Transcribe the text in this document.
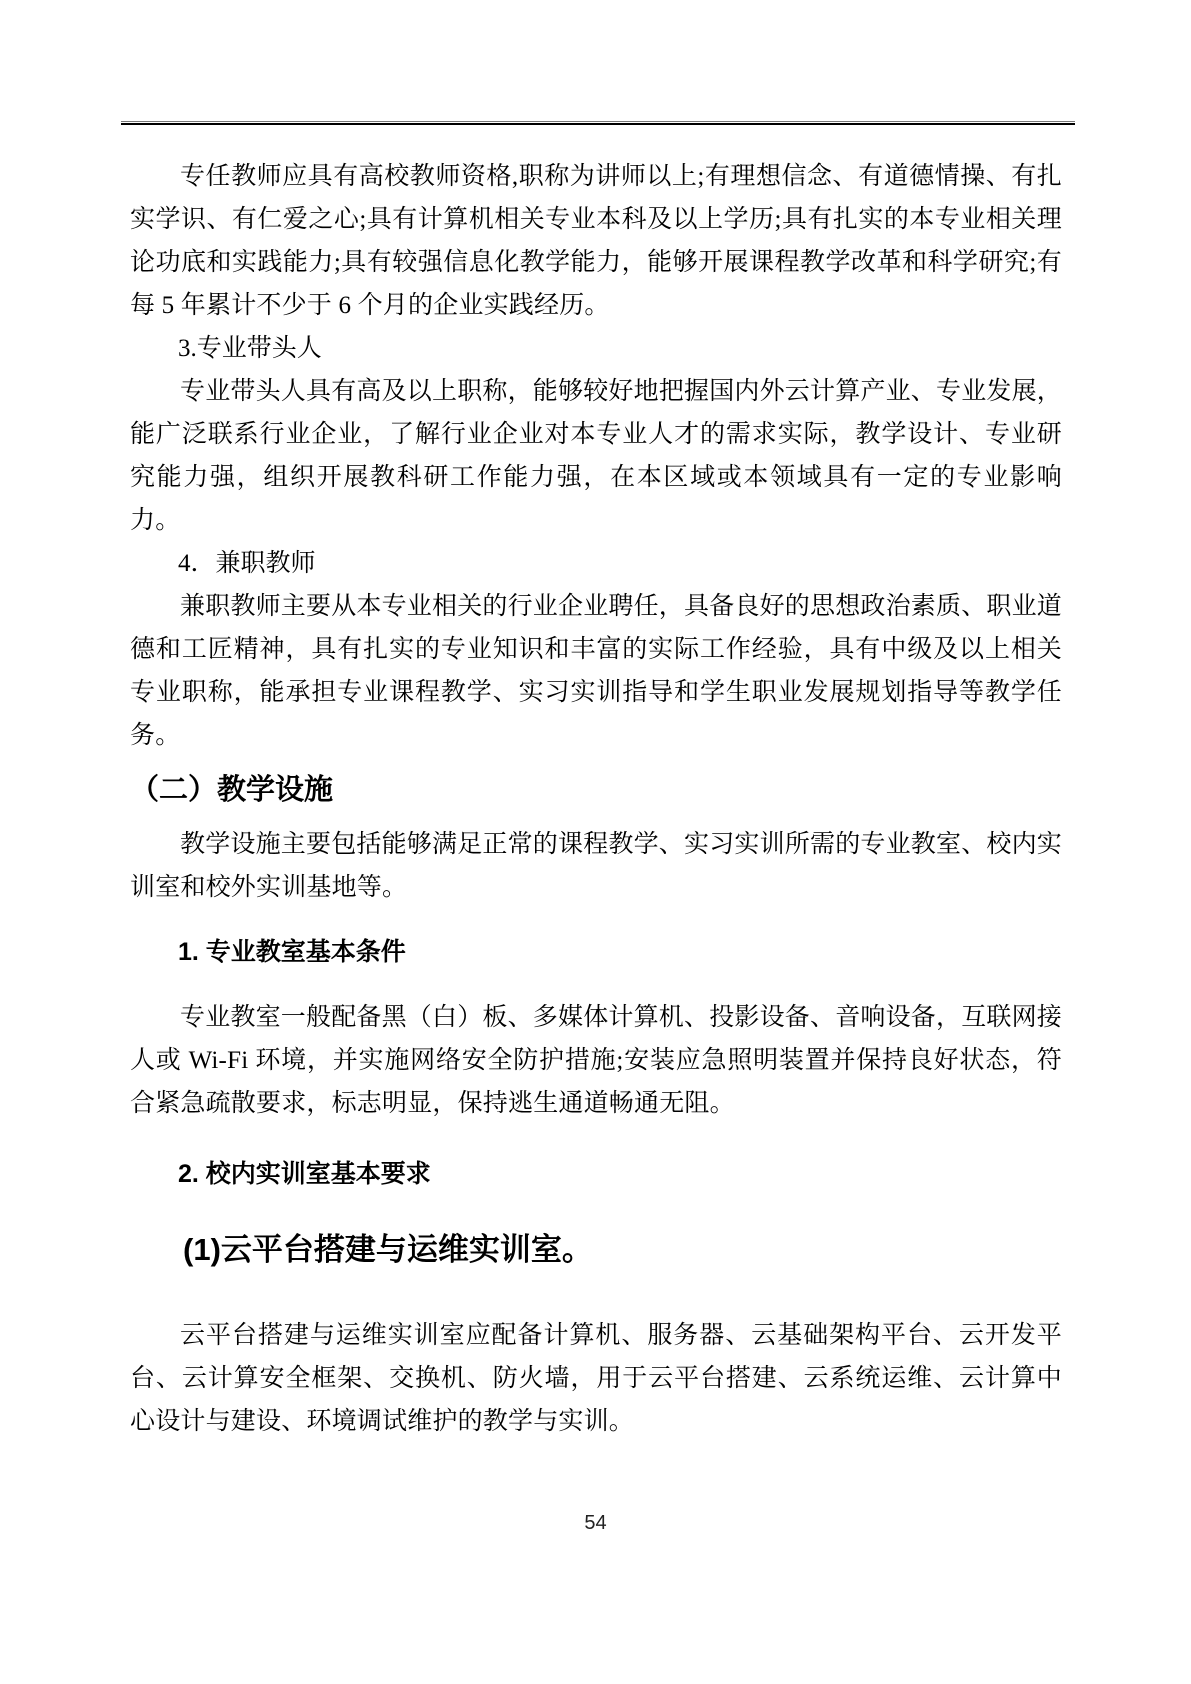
专任教师应具有高校教师资格,职称为讲师以上;有理想信念、有道德情操、有扎实学识、有仁爱之心;具有计算机相关专业本科及以上学历;具有扎实的本专业相关理论功底和实践能力;具有较强信息化教学能力，能够开展课程教学改革和科学研究;有每 5 年累计不少于 6 个月的企业实践经历。

3.专业带头人

专业带头人具有高及以上职称，能够较好地把握国内外云计算产业、专业发展，能广泛联系行业企业，了解行业企业对本专业人才的需求实际，教学设计、专业研究能力强，组织开展教科研工作能力强，在本区域或本领域具有一定的专业影响力。

4．兼职教师

兼职教师主要从本专业相关的行业企业聘任，具备良好的思想政治素质、职业道德和工匠精神，具有扎实的专业知识和丰富的实际工作经验，具有中级及以上相关专业职称，能承担专业课程教学、实习实训指导和学生职业发展规划指导等教学任务。

（二）教学设施

教学设施主要包括能够满足正常的课程教学、实习实训所需的专业教室、校内实训室和校外实训基地等。

1. 专业教室基本条件

专业教室一般配备黑（白）板、多媒体计算机、投影设备、音响设备，互联网接人或 Wi-Fi 环境，并实施网络安全防护措施;安装应急照明装置并保持良好状态，符合紧急疏散要求，标志明显，保持逃生通道畅通无阻。

2. 校内实训室基本要求
(1)云平台搭建与运维实训室。

云平台搭建与运维实训室应配备计算机、服务器、云基础架构平台、云开发平台、云计算安全框架、交换机、防火墙，用于云平台搭建、云系统运维、云计算中心设计与建设、环境调试维护的教学与实训。

54
